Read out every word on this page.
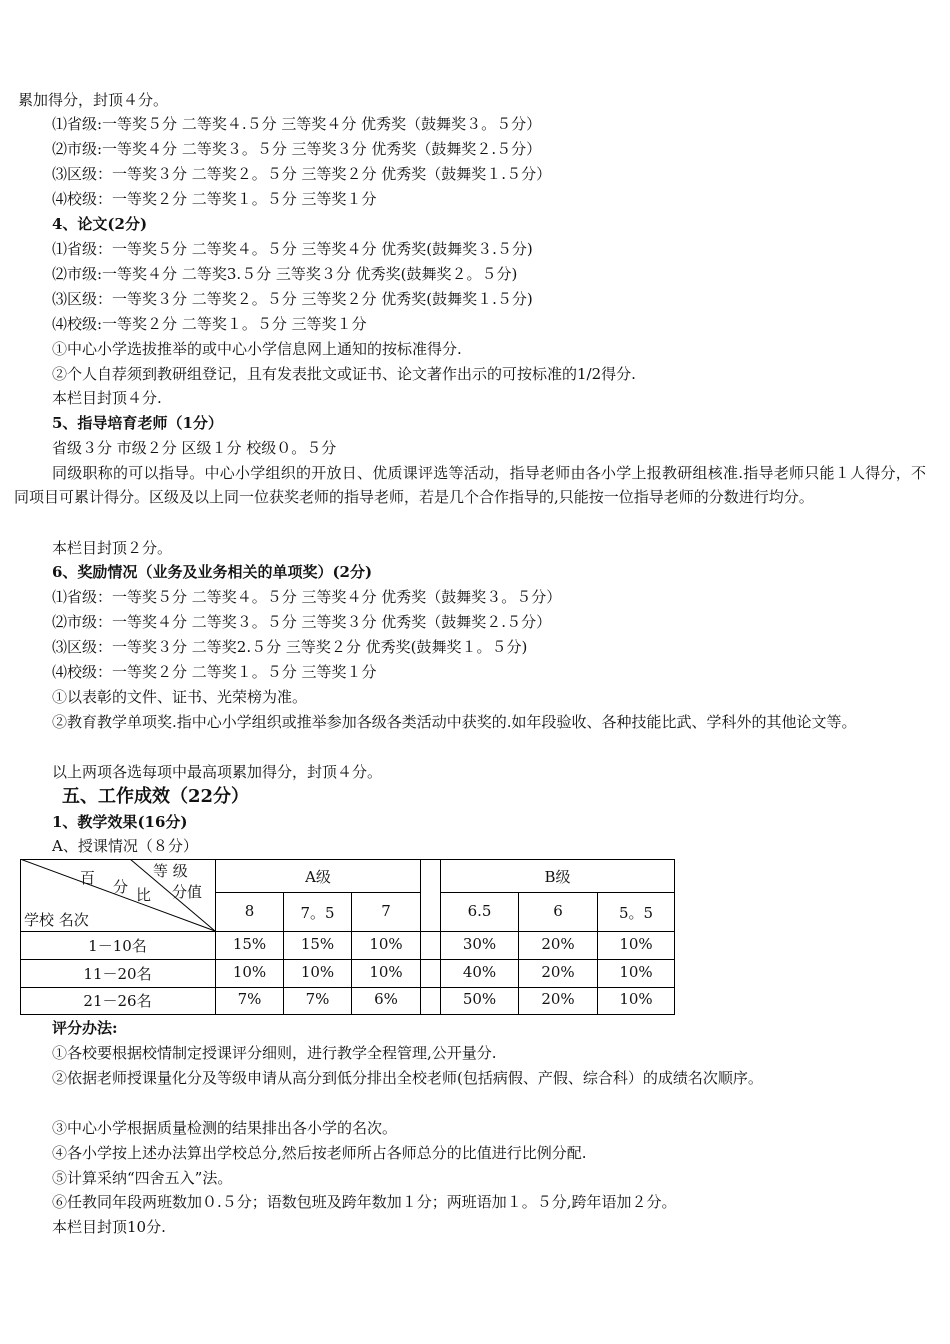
累加得分，封顶４分。
⑴省级:一等奖５分 二等奖４.５分 三等奖４分 优秀奖（鼓舞奖３。５分）
⑵市级:一等奖４分 二等奖３。５分 三等奖３分 优秀奖（鼓舞奖２.５分）
⑶区级：一等奖３分 二等奖２。５分 三等奖２分 优秀奖（鼓舞奖１.５分）
⑷校级：一等奖２分 二等奖１。５分 三等奖１分
4、论文(2分)
⑴省级：一等奖５分 二等奖４。５分 三等奖４分 优秀奖(鼓舞奖３.５分)
⑵市级:一等奖４分 二等奖3.５分 三等奖３分 优秀奖(鼓舞奖２。５分)
⑶区级：一等奖３分 二等奖２。５分 三等奖２分 优秀奖(鼓舞奖１.５分)
⑷校级:一等奖２分 二等奖１。５分 三等奖１分
①中心小学选拔推举的或中心小学信息网上通知的按标准得分.
②个人自荐须到教研组登记，且有发表批文或证书、论文著作出示的可按标准的1/2得分.
本栏目封顶４分.
5、指导培育老师（1分）
省级３分 市级２分 区级１分 校级０。５分
同级职称的可以指导。中心小学组织的开放日、优质课评选等活动，指导老师由各小学上报教研组核准.指导老师只能１人得分，不同项目可累计得分。区级及以上同一位获奖老师的指导老师，若是几个合作指导的,只能按一位指导老师的分数进行均分。
本栏目封顶２分。
6、奖励情况（业务及业务相关的单项奖）(2分)
⑴省级：一等奖５分 二等奖４。５分 三等奖４分 优秀奖（鼓舞奖３。５分）
⑵市级：一等奖４分 二等奖３。５分 三等奖３分 优秀奖（鼓舞奖２.５分）
⑶区级：一等奖３分 二等奖2.５分 三等奖２分 优秀奖(鼓舞奖１。５分)
⑷校级：一等奖２分 二等奖１。５分 三等奖１分
①以表彰的文件、证书、光荣榜为准。
②教育教学单项奖.指中心小学组织或推举参加各级各类活动中获奖的.如年段验收、各种技能比武、学科外的其他论文等。
以上两项各选每项中最高项累加得分，封顶４分。
五、工作成效（22分）
1、教学效果(16分)
A、授课情况（８分）
百 分 比
等 级
分值
学校 名次
A级	B级
8	7。5	7	6.5	6	5。5
1－10名	15%	15%	10%	30%	20%	10%
11－20名	10%	10%	10%	40%	20%	10%
21－26名	7%	7%	6%	50%	20%	10%
评分办法:
①各校要根据校情制定授课评分细则，进行教学全程管理,公开量分.
②依据老师授课量化分及等级申请从高分到低分排出全校老师(包括病假、产假、综合科）的成绩名次顺序。
③中心小学根据质量检测的结果排出各小学的名次。
④各小学按上述办法算出学校总分,然后按老师所占各师总分的比值进行比例分配.
⑤计算采纳“四舍五入”法。
⑥任教同年段两班数加０.５分；语数包班及跨年数加１分；两班语加１。５分,跨年语加２分。
本栏目封顶10分.
